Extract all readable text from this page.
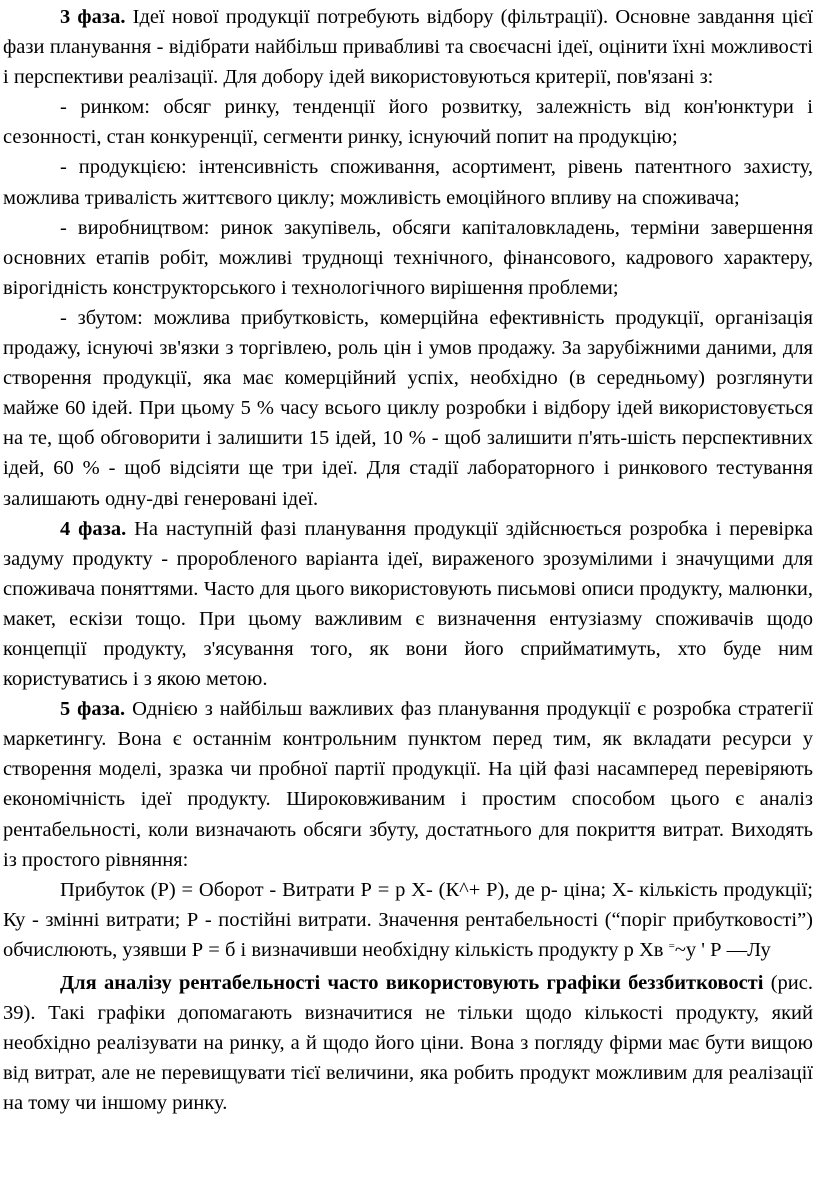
3 фаза. Ідеї нової продукції потребують відбору (фільтрації). Основне завдання цієї фази планування - відібрати найбільш привабливі та своєчасні ідеї, оцінити їхні можливості і перспективи реалізації. Для добору ідей використовуються критерії, пов'язані з:

- ринком: обсяг ринку, тенденції його розвитку, залежність від кон'юнктури і сезонності, стан конкуренції, сегменти ринку, існуючий попит на продукцію;

- продукцією: інтенсивність споживання, асортимент, рівень патентного захисту, можлива тривалість життєвого циклу; можливість емоційного впливу на споживача;

- виробництвом: ринок закупівель, обсяги капіталовкладень, терміни завершення основних етапів робіт, можливі труднощі технічного, фінансового, кадрового характеру, вірогідність конструкторського і технологічного вирішення проблеми;

- збутом: можлива прибутковість, комерційна ефективність продукції, організація продажу, існуючі зв'язки з торгівлею, роль цін і умов продажу. За зарубіжними даними, для створення продукції, яка має комерційний успіх, необхідно (в середньому) розглянути майже 60 ідей. При цьому 5 % часу всього циклу розробки і відбору ідей використовується на те, щоб обговорити і залишити 15 ідей, 10 % - щоб залишити п'ять-шість перспективних ідей, 60 % - щоб відсіяти ще три ідеї. Для стадії лабораторного і ринкового тестування залишають одну-дві генеровані ідеї.

4 фаза. На наступній фазі планування продукції здійснюється розробка і перевірка задуму продукту - проробленого варіанта ідеї, вираженого зрозумілими і значущими для споживача поняттями. Часто для цього використовують письмові описи продукту, малюнки, макет, ескізи тощо. При цьому важливим є визначення ентузіазму споживачів щодо концепції продукту, з'ясування того, як вони його сприйматимуть, хто буде ним користуватись і з якою метою.

5 фаза. Однією з найбільш важливих фаз планування продукції є розробка стратегії маркетингу. Вона є останнім контрольним пунктом перед тим, як вкладати ресурси у створення моделі, зразка чи пробної партії продукції. На цій фазі насамперед перевіряють економічність ідеї продукту. Широковживаним і простим способом цього є аналіз рентабельності, коли визначають обсяги збуту, достатнього для покриття витрат. Виходять із простого рівняння:

Прибуток (Р) = Оборот - Витрати Р = р Х- (К^+ Р), де р- ціна; Х- кількість продукції; Ку - змінні витрати; Р - постійні витрати. Значення рентабельності (“поріг прибутковості”) обчислюють, узявши Р = б і визначивши необхідну кількість продукту р Хв =~у ' Р —Лу

Для аналізу рентабельності часто використовують графіки беззбитковості (рис. 39). Такі графіки допомагають визначитися не тільки щодо кількості продукту, який необхідно реалізувати на ринку, а й щодо його ціни. Вона з погляду фірми має бути вищою від витрат, але не перевищувати тієї величини, яка робить продукт можливим для реалізації на тому чи іншому ринку.
